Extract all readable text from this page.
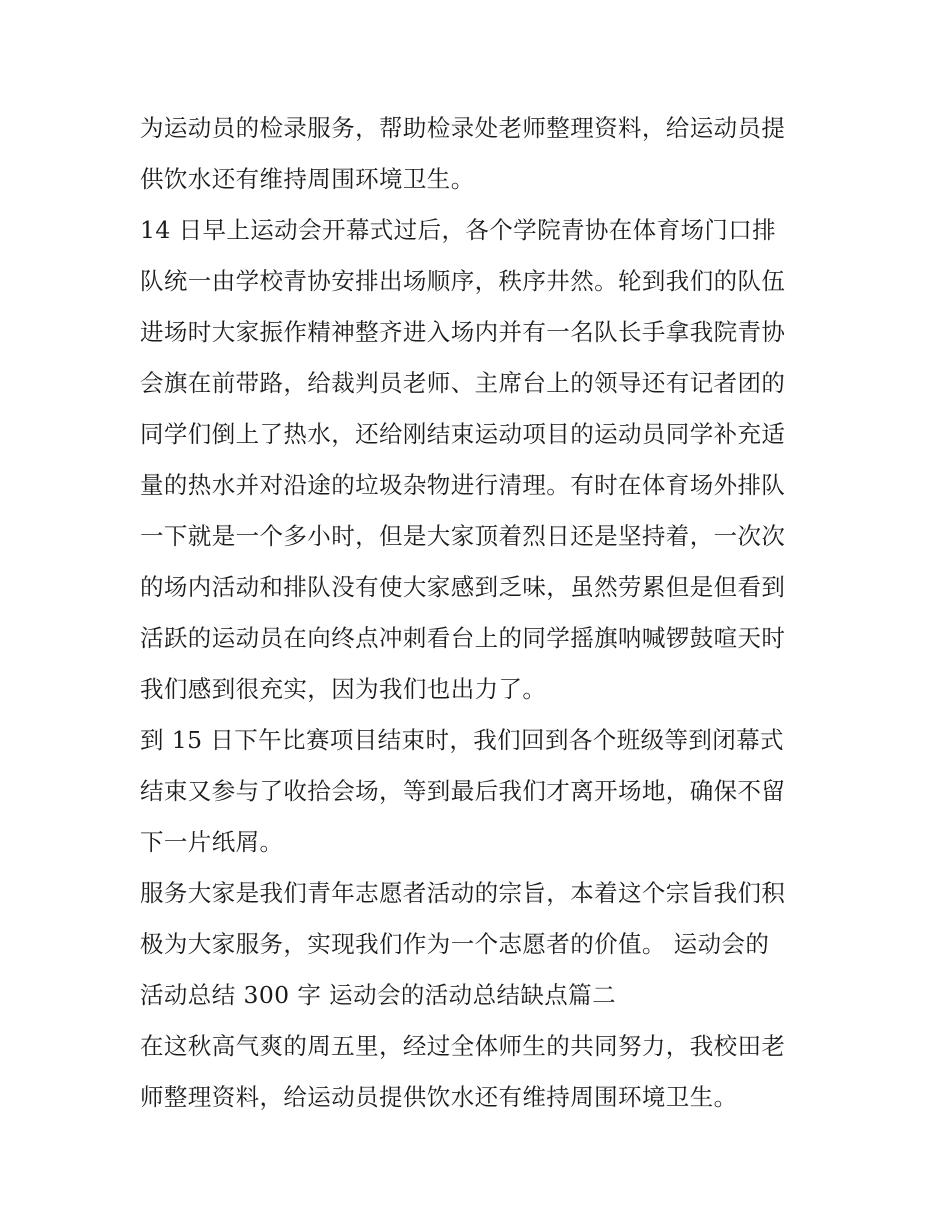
为运动员的检录服务，帮助检录处老师整理资料，给运动员提
供饮水还有维持周围环境卫生。
14 日早上运动会开幕式过后，各个学院青协在体育场门口排
队统一由学校青协安排出场顺序，秩序井然。轮到我们的队伍
进场时大家振作精神整齐进入场内并有一名队长手拿我院青协
会旗在前带路，给裁判员老师、主席台上的领导还有记者团的
同学们倒上了热水，还给刚结束运动项目的运动员同学补充适
量的热水并对沿途的垃圾杂物进行清理。有时在体育场外排队
一下就是一个多小时，但是大家顶着烈日还是坚持着，一次次
的场内活动和排队没有使大家感到乏味，虽然劳累但是但看到
活跃的运动员在向终点冲刺看台上的同学摇旗呐喊锣鼓喧天时
我们感到很充实，因为我们也出力了。
到 15 日下午比赛项目结束时，我们回到各个班级等到闭幕式
结束又参与了收拾会场，等到最后我们才离开场地，确保不留
下一片纸屑。
服务大家是我们青年志愿者活动的宗旨，本着这个宗旨我们积
极为大家服务，实现我们作为一个志愿者的价值。 运动会的
活动总结 300 字 运动会的活动总结缺点篇二
在这秋高气爽的周五里，经过全体师生的共同努力，我校田老
师整理资料，给运动员提供饮水还有维持周围环境卫生。
